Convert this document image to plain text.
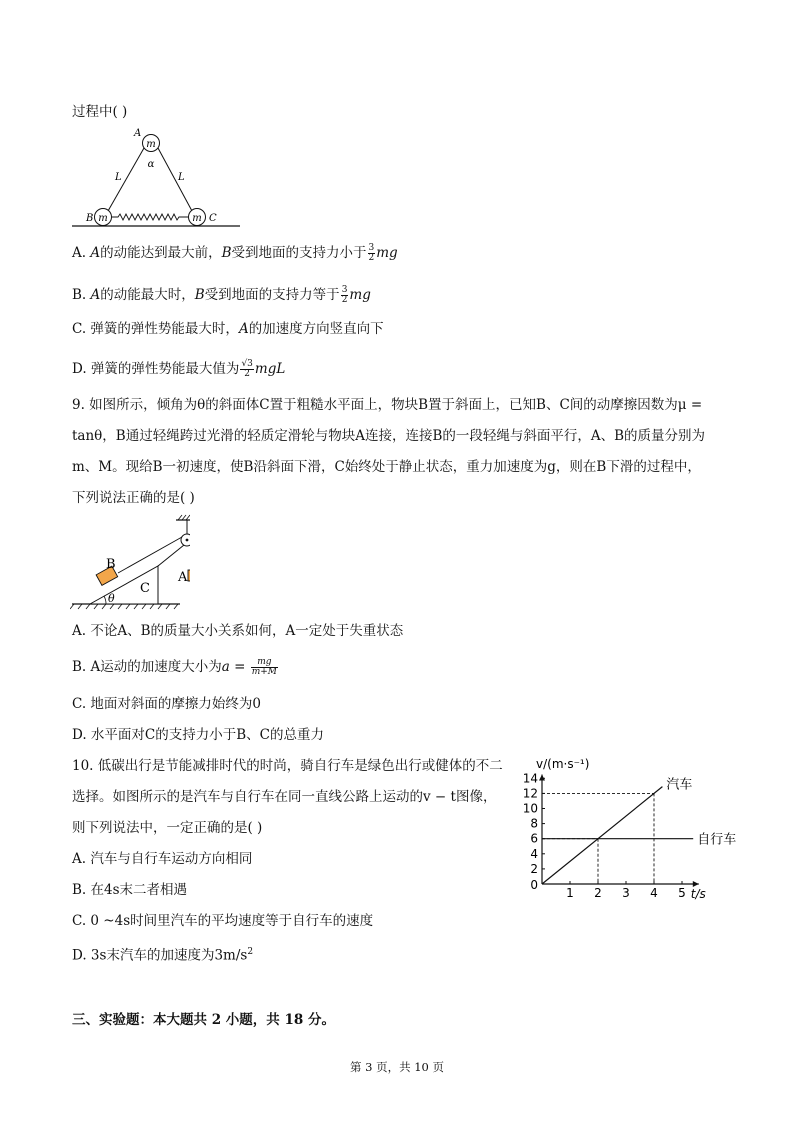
过程中( )
m
m	m
A
B	C
α
L	L
A. A的动能达到最大前，B受到地面的支持力小于 $\frac{3}{2}$ mg
B. A的动能最大时，B受到地面的支持力等于 $\frac{3}{2}$ mg
C. 弹簧的弹性势能最大时，A的加速度方向竖直向下
D. 弹簧的弹性势能最大值为 $\frac{√3}{2}$ mgL
9. 如图所示，倾角为θ的斜面体C置于粗糙水平面上，物块B置于斜面上，已知B、C间的动摩擦因数为μ =
tanθ，B通过轻绳跨过光滑的轻质定滑轮与物块A连接，连接B的一段轻绳与斜面平行，A、B的质量分别为
m、M。现给B一初速度，使B沿斜面下滑，C始终处于静止状态，重力加速度为g，则在B下滑的过程中，
下列说法正确的是( )
B
C
A
θ
A. 不论A、B的质量大小关系如何，A一定处于失重状态
B. A运动的加速度大小为$a = \frac{mg}{m+M}$
C. 地面对斜面的摩擦力始终为0
D. 水平面对C的支持力小于B、C的总重力
10. 低碳出行是节能减排时代的时尚，骑自行车是绿色出行或健体的不二
选择。如图所示的是汽车与自行车在同一直线公路上运动的v − t图像，
则下列说法中，一定正确的是( )
A. 汽车与自行车运动方向相同
B. 在4s末二者相遇
C. 0 ~4s时间里汽车的平均速度等于自行车的速度
D. 3s末汽车的加速度为$3m/s^2$
1 2 3 4 5
2
4
6
8
10
12
14
0
汽车
自行车
v/(m·s⁻¹)
t/s
三、实验题：本大题共 2 小题，共 18 分。
第 3 页，共 10 页
